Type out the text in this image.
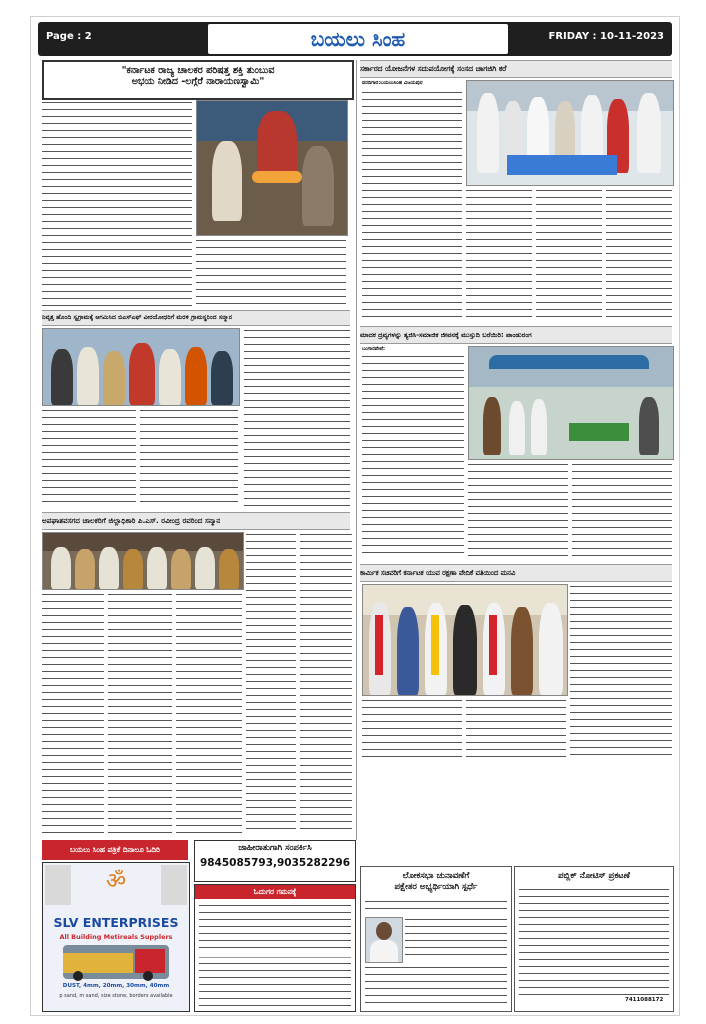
Page : 2	ಬಯಲು ಸಿಂಹ	FRIDAY : 10-11-2023
"ಕರ್ನಾಟಕ ರಾಜ್ಯ ಚಾಲಕರ ಪರಿಷತ್ತ ಶಕ್ತಿ ತುಂಬುವ
ಅಭಯ ನೀಡಿದ -ಲಗ್ಗೆರೆ ನಾರಾಯಣಸ್ವಾಮಿ"
ನಿವೃತ್ತ ಹೊಂದಿ ಸ್ವಗ್ರಾಮಕ್ಕೆ ಆಗಮಿಸಿದ ಬಿಎಸ್‌ಎಫ್ ವೀರಯೋಧರಿಗೆ ಮರಳಿ ಗ್ರಾಮಸ್ಥರಿಂದ ಸನ್ಮಾನ
ಅಪಘಾತವಸಗದ ಚಾಲಕರಿಗೆ ಜಿಲ್ಲಾಧಿಕಾರಿ ಪಿ.ಎಸ್. ರವೀಂದ್ರ ರವರಿಂದ ಸನ್ಮಾನ
ಸರ್ಕಾರದ ಯೋಜನೆಗಳ ಸದುಪಯೋಗಕ್ಕೆ ಸಂಸದ ಚಾಗಜಿಗಿ ಕರೆ
ವರದಿಗಾರ:ಬಯಲುಸಿಂಹ ವಿಜಯಪುರ
ಮಾದಕ ದ್ರವ್ಯಗಳನ್ನು ತ್ಯಜಿಸಿ-ಸಮಾಜಿಕ ಜೀವನಕ್ಕೆ ಮುಸ್ತುದಿ ಬರೆಯಿರಿ: ಪಾಂಡುರಂಗ
ಬಂಗಾರಪೇಟೆ:
ಕಾರ್ಮಿಕ ಸಚಿವರಿಗೆ ಕರ್ನಾಟಕ ಯುವ ರಕ್ಷಣಾ ವೇದಿಕೆ ವತಿಯಿಂದ ಮನವಿ
ಲೋಕಸಭಾ ಚುನಾವಣೆಗೆ
ಪಕ್ಷೇತರ ಅಭ್ಯರ್ಥಿಯಾಗಿ ಸ್ಪರ್ಧೆ
ಪಬ್ಲಿಕ್ ನೋಟಿಸ್ ಪ್ರಕಟಣೆ
7411088172
ಬಯಲು ಸಿಂಹ ಪತ್ರಿಕೆ ದಿನಾಲೂ ಓದಿರಿ
ॐ
SLV ENTERPRISES
All Building Metireals Supplers
DUST, 4mm, 20mm, 30mm, 40mm
p sand, m sand, size stone, borders available
ಜಾಹೀರಾತುಗಾಗಿ ಸಂಪರ್ಕಿಸಿ
9845085793,9035282296
ಓದುಗರ ಗಮನಕ್ಕೆ
